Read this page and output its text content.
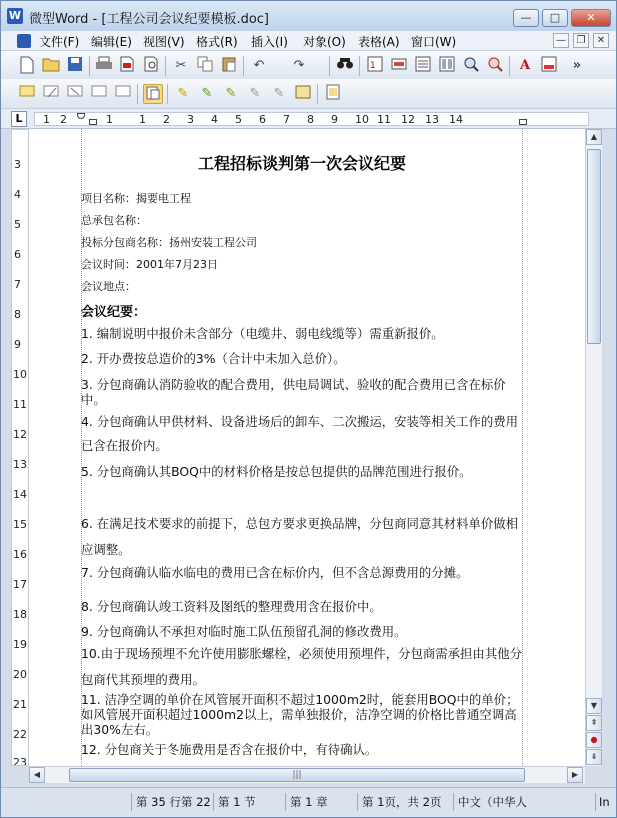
W 微型Word - [工程公司会议纪要模板.doc]	—	□	✕
文件(F) 编辑(E) 视图(V) 格式(R) 插入(I) 对象(O) 表格(A) 窗口(W)	—	❐	✕
✂	↶	↷	1	A	»
✎	✎	✎	✎	✎
L	1 2	1 1 2 3 4 5 6 7 8 9 10 11 12 13 14
3
4
5
6
7
8
9
10
11
12
13
14
15
16
17
18
19
20
21
22
23
工程招标谈判第一次会议纪要
项目名称：揭要电工程
总承包名称：
投标分包商名称：扬州安装工程公司
会议时间：2001年7月23日
会议地点：
会议纪要：
1. 编制说明中报价未含部分（电缆井、弱电线缆等）需重新报价。
2. 开办费按总造价的3%（合计中未加入总价）。
3. 分包商确认消防验收的配合费用，供电局调试、验收的配合费用已含在标价中。
4. 分包商确认甲供材料、设备进场后的卸车、二次搬运，安装等相关工作的费用已含在报价内。
5. 分包商确认其BOQ中的材料价格是按总包提供的品牌范围进行报价。
6. 在满足技术要求的前提下，总包方要求更换品牌，分包商同意其材料单价做相应调整。
7. 分包商确认临水临电的费用已含在标价内，但不含总源费用的分摊。
8. 分包商确认竣工资料及图纸的整理费用含在报价中。
9. 分包商确认不承担对临时施工队伍预留孔洞的修改费用。
10.由于现场预埋不允许使用膨胀螺栓，必须使用预埋件，分包商需承担由其他分包商代其预埋的费用。
11. 洁净空调的单价在风管展开面积不超过1000m2时，能套用BOQ中的单价；如风管展开面积超过1000m2以上，需单独报价，洁净空调的价格比普通空调高出30%左右。
12. 分包商关于冬施费用是否含在报价中，有待确认。
▲
▼
⇞
●
⇟
◀	|||	▶
第 35 行第 22 第 1 节	第 1 章	第 1页，共 2页	中文（中华人	In
